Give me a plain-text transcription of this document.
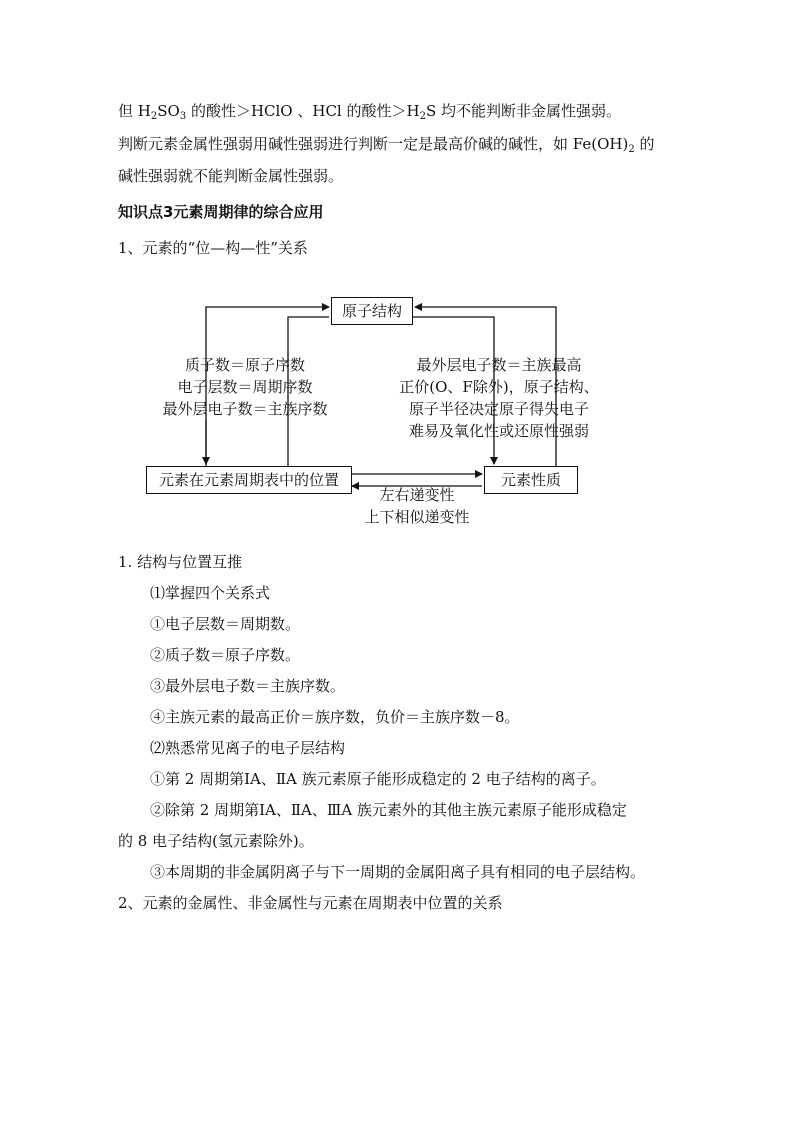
但 $H_2SO_3$ 的酸性＞HClO 、HCl 的酸性$>H_2S$ 均不能判断非金属性强弱。
判断元素金属性强弱用碱性强弱进行判断一定是最高价碱的碱性，如 $Fe(OH)_2$ 的
碱性强弱就不能判断金属性强弱。
知识点3元素周期律的综合应用
1、元素的“位—构—性”关系
原子结构
元素在元素周期表中的位置	元素性质
质子数＝原子序数
电子层数＝周期序数
最外层电子数＝主族序数
最外层电子数＝主族最高
正价(O、F除外)，原子结构、
原子半径决定原子得失电子
难易及氧化性或还原性强弱
左右递变性
上下相似递变性
1. 结构与位置互推
⑴掌握四个关系式
①电子层数＝周期数。
②质子数＝原子序数。
③最外层电子数＝主族序数。
④主族元素的最高正价＝族序数，负价＝主族序数－8。
⑵熟悉常见离子的电子层结构
①第 2 周期第ⅠA、ⅡA 族元素原子能形成稳定的 2 电子结构的离子。
②除第 2 周期第ⅠA、ⅡA、ⅢA 族元素外的其他主族元素原子能形成稳定
的 8 电子结构(氢元素除外)。
③本周期的非金属阴离子与下一周期的金属阳离子具有相同的电子层结构。
2、元素的金属性、非金属性与元素在周期表中位置的关系
